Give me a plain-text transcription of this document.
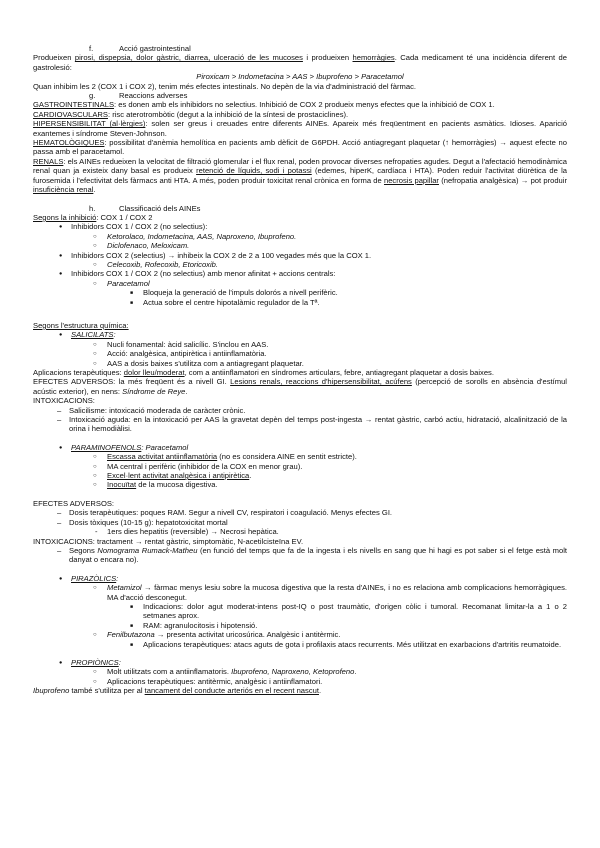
f.	Acció gastrointestinal

Produeixen pirosi, dispepsia, dolor gàstric, diarrea, ulceració de les mucoses i produeixen hemorràgies. Cada medicament té una incidència diferent de gastrolesió:

Piroxicam > Indometacina > AAS > Ibuprofeno > Paracetamol

Quan inhibim les 2 (COX 1 i COX 2), tenim més efectes intestinals. No depèn de la via d'administració del fàrmac.

g.	Reaccions adverses

GASTROINTESTINALS: es donen amb els inhibidors no selectius. Inhibició de COX 2 produeix menys efectes que la inhibició de COX 1.

CARDIOVASCULARS: risc aterotrombòtic (degut a la inhibició de la síntesi de prostaciclines).

HIPERSENSIBILITAT (al·lèrgies): solen ser greus i creuades entre diferents AINEs. Apareix més freqüentment en pacients asmàtics. Idioses. Aparició exantemes i síndrome Steven-Johnson.

HEMATOLÒGIQUES: possibilitat d'anèmia hemolítica en pacients amb dèficit de G6PDH. Acció antiagregant plaquetar (↑ hemorràgies) → aquest efecte no passa amb el paracetamol.

RENALS: els AINEs redueixen la velocitat de filtració glomerular i el flux renal, poden provocar diverses nefropaties agudes. Degut a l'afectació hemodinàmica renal quan ja existeix dany basal es produeix retenció de líquids, sodi i potassi (edemes, hiperK, cardíaca i HTA). Poden reduir l'activitat diürètica de la furosemida i l'efectivitat dels fàrmacs anti HTA. A més, poden produir toxicitat renal crònica en forma de necrosis papillar (nefropatia analgèsica) → pot produir insuficiència renal.

h.	Classificació dels AINEs

Segons la inhibició: COX 1 / COX 2

● Inhibidors COX 1 / COX 2 (no selectius):
○ Ketorolaco, Indometacina, AAS, Naproxeno, Ibuprofeno.
○ Diclofenaco, Meloxicam.
● Inhibidors COX 2 (selectius) → inhibeix la COX 2 de 2 a 100 vegades més que la COX 1.
○ Celecoxib, Rofecoxib, Etoricoxib.
● Inhibidors COX 1 / COX 2 (no selectius) amb menor afinitat + accions centrals:
○ Paracetamol
■ Bloqueja la generació de l'impuls dolorós a nivell perifèric.
■ Actua sobre el centre hipotalàmic regulador de la Tª.

Segons l'estructura química:

● SALICILATS:
○ Nucli fonamental: àcid salicílic. S'inclou en AAS.
○ Acció: analgèsica, antipirètica i antiinflamatòria.
○ AAS a dosis baixes s'utilitza com a antiagregant plaquetar.

Aplicacions terapèutiques: dolor lleu/moderat, com a antiinflamatori en síndromes articulars, febre, antiagregant plaquetar a dosis baixes.

EFECTES ADVERSOS: la més freqüent és a nivell GI. Lesions renals, reaccions d'hipersensibilitat, acúfens (percepció de sorolls en absència d'estímul acústic exterior), en nens: Síndrome de Reye.

INTOXICACIONS:

– Salicilisme: intoxicació moderada de caràcter crònic.
– Intoxicació aguda: en la intoxicació per AAS la gravetat depèn del temps post-ingesta → rentat gàstric, carbó actiu, hidratació, alcalinització de la orina i hemodiàlisi.
● PARAMINOFENOLS: Paracetamol
○ Escassa activitat antiinflamatòria (no es considera AINE en sentit estricte).
○ MA central i perifèric (inhibidor de la COX en menor grau).
○ Excel·lent activitat analgèsica i antipirètica.
○ Inocuïtat de la mucosa digestiva.

EFECTES ADVERSOS:

– Dosis terapèutiques: poques RAM. Segur a nivell CV, respiratori i coagulació. Menys efectes GI.
– Dosis tòxiques (10-15 g): hepatotoxicitat mortal
- 1ers dies hepatitis (reversible) → Necrosi hepàtica.

INTOXICACIONS: tractament → rentat gàstric, simptomàtic, N-acetilcisteïna EV.

– Segons Nomograma Rumack-Matheu (en funció del temps que fa de la ingesta i els nivells en sang que hi hagi es pot saber si el fetge està molt danyat o encara no).
● PIRAZÒLICS:
○ Metamizol → fàrmac menys lesiu sobre la mucosa digestiva que la resta d'AINEs, i no es relaciona amb complicacions hemorràgiques. MA d'acció desconegut.
■ Indicacions: dolor agut moderat-intens post-IQ o post traumàtic, d'origen còlic i tumoral. Recomanat limitar-la a 1 o 2 setmanes aprox.
■ RAM: agranulocitosis i hipotensió.
○ Fenilbutazona → presenta activitat uricosúrica. Analgèsic i antitèrmic.
■ Aplicacions terapèutiques: atacs aguts de gota i profilaxis atacs recurrents. Més utilitzat en exarbacions d'artritis reumatoide.
● PROPIÒNICS:
○ Molt utilitzats com a antiinflamatoris. Ibuprofeno, Naproxeno, Ketoprofeno.
○ Aplicacions terapèutiques: antitèrmic, analgèsic i antiinflamatori.

Ibuprofeno també s'utilitza per al tancament del conducte arteriós en el recent nascut.
